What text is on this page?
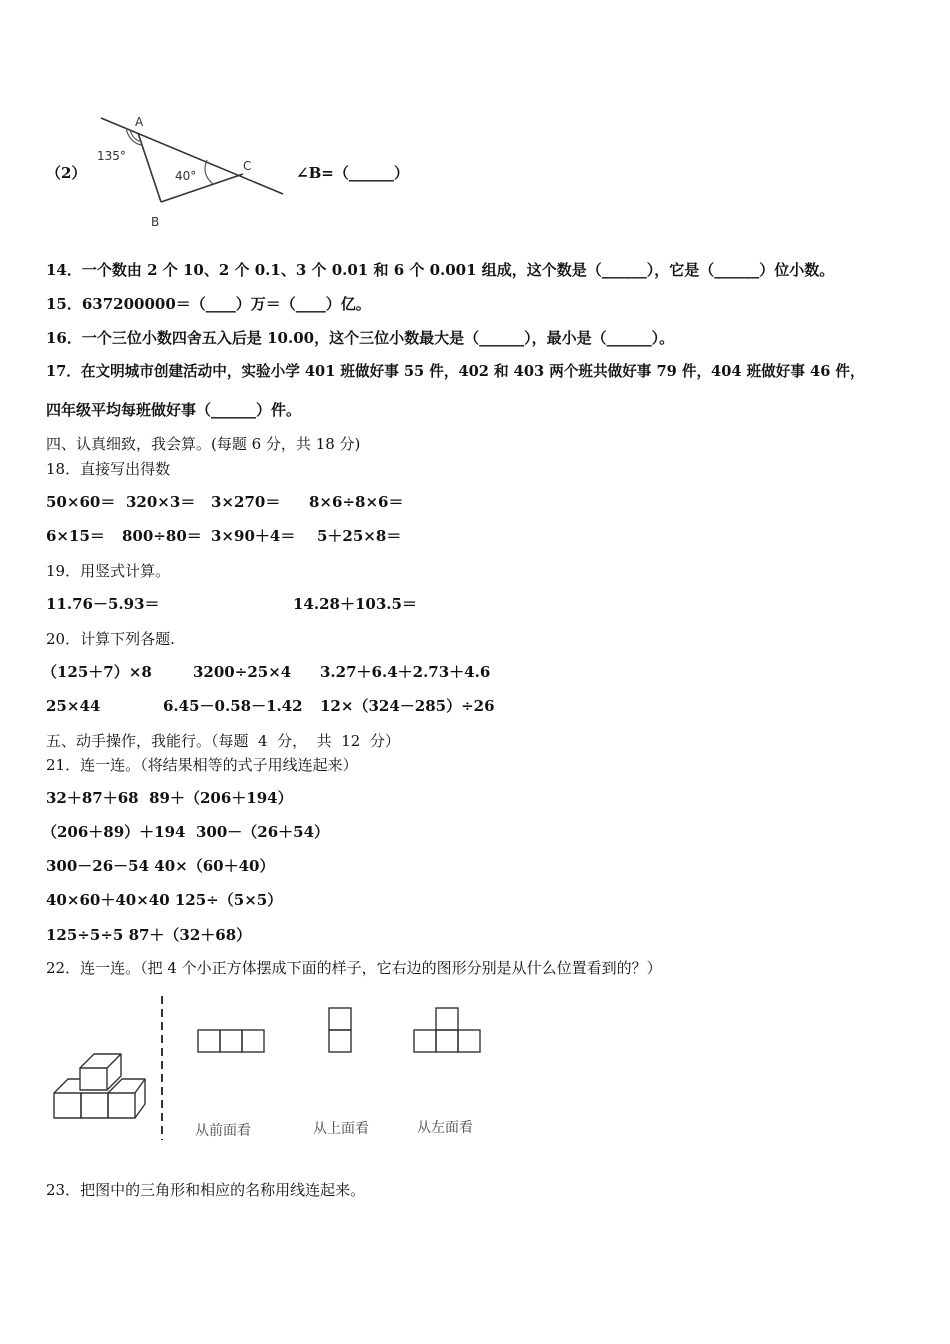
（2）
A
B
C
135°
40°	∠B=（______）
14．一个数由 2 个 10、2 个 0.1、3 个 0.01 和 6 个 0.001 组成，这个数是（______），它是（______）位小数。
15．637200000＝（____）万＝（____）亿。
16．一个三位小数四舍五入后是 10.00，这个三位小数最大是（______），最小是（______）。
17．在文明城市创建活动中，实验小学 401 班做好事 55 件，402 和 403 两个班共做好事 79 件，404 班做好事 46 件，
四年级平均每班做好事（______）件。
四、认真细致，我会算。(每题 6 分，共 18 分)
18．直接写出得数
50×60＝ 320×3＝ 3×270＝ 8×6÷8×6＝
6×15＝ 800÷80＝ 3×90＋4＝ 5＋25×8＝
19．用竖式计算。
11.76－5.93＝	14.28＋103.5＝
20．计算下列各题.
（125＋7）×8	3200÷25×4 3.27＋6.4＋2.73＋4.6
25×44	6.45－0.58－1.42 12×（324－285）÷26
五、动手操作，我能行。（每题  4  分，  共  12  分）
21．连一连。（将结果相等的式子用线连起来）
32＋87＋68 89＋（206＋194）
（206＋89）＋194 300－（26＋54）
300－26－54 40×（60＋40）
40×60＋40×40 125÷（5×5）
125÷5÷5 87＋（32＋68）
22．连一连。（把 4 个小正方体摆成下面的样子，它右边的图形分别是从什么位置看到的？）
从前面看	从上面看	从左面看
23．把图中的三角形和相应的名称用线连起来。
